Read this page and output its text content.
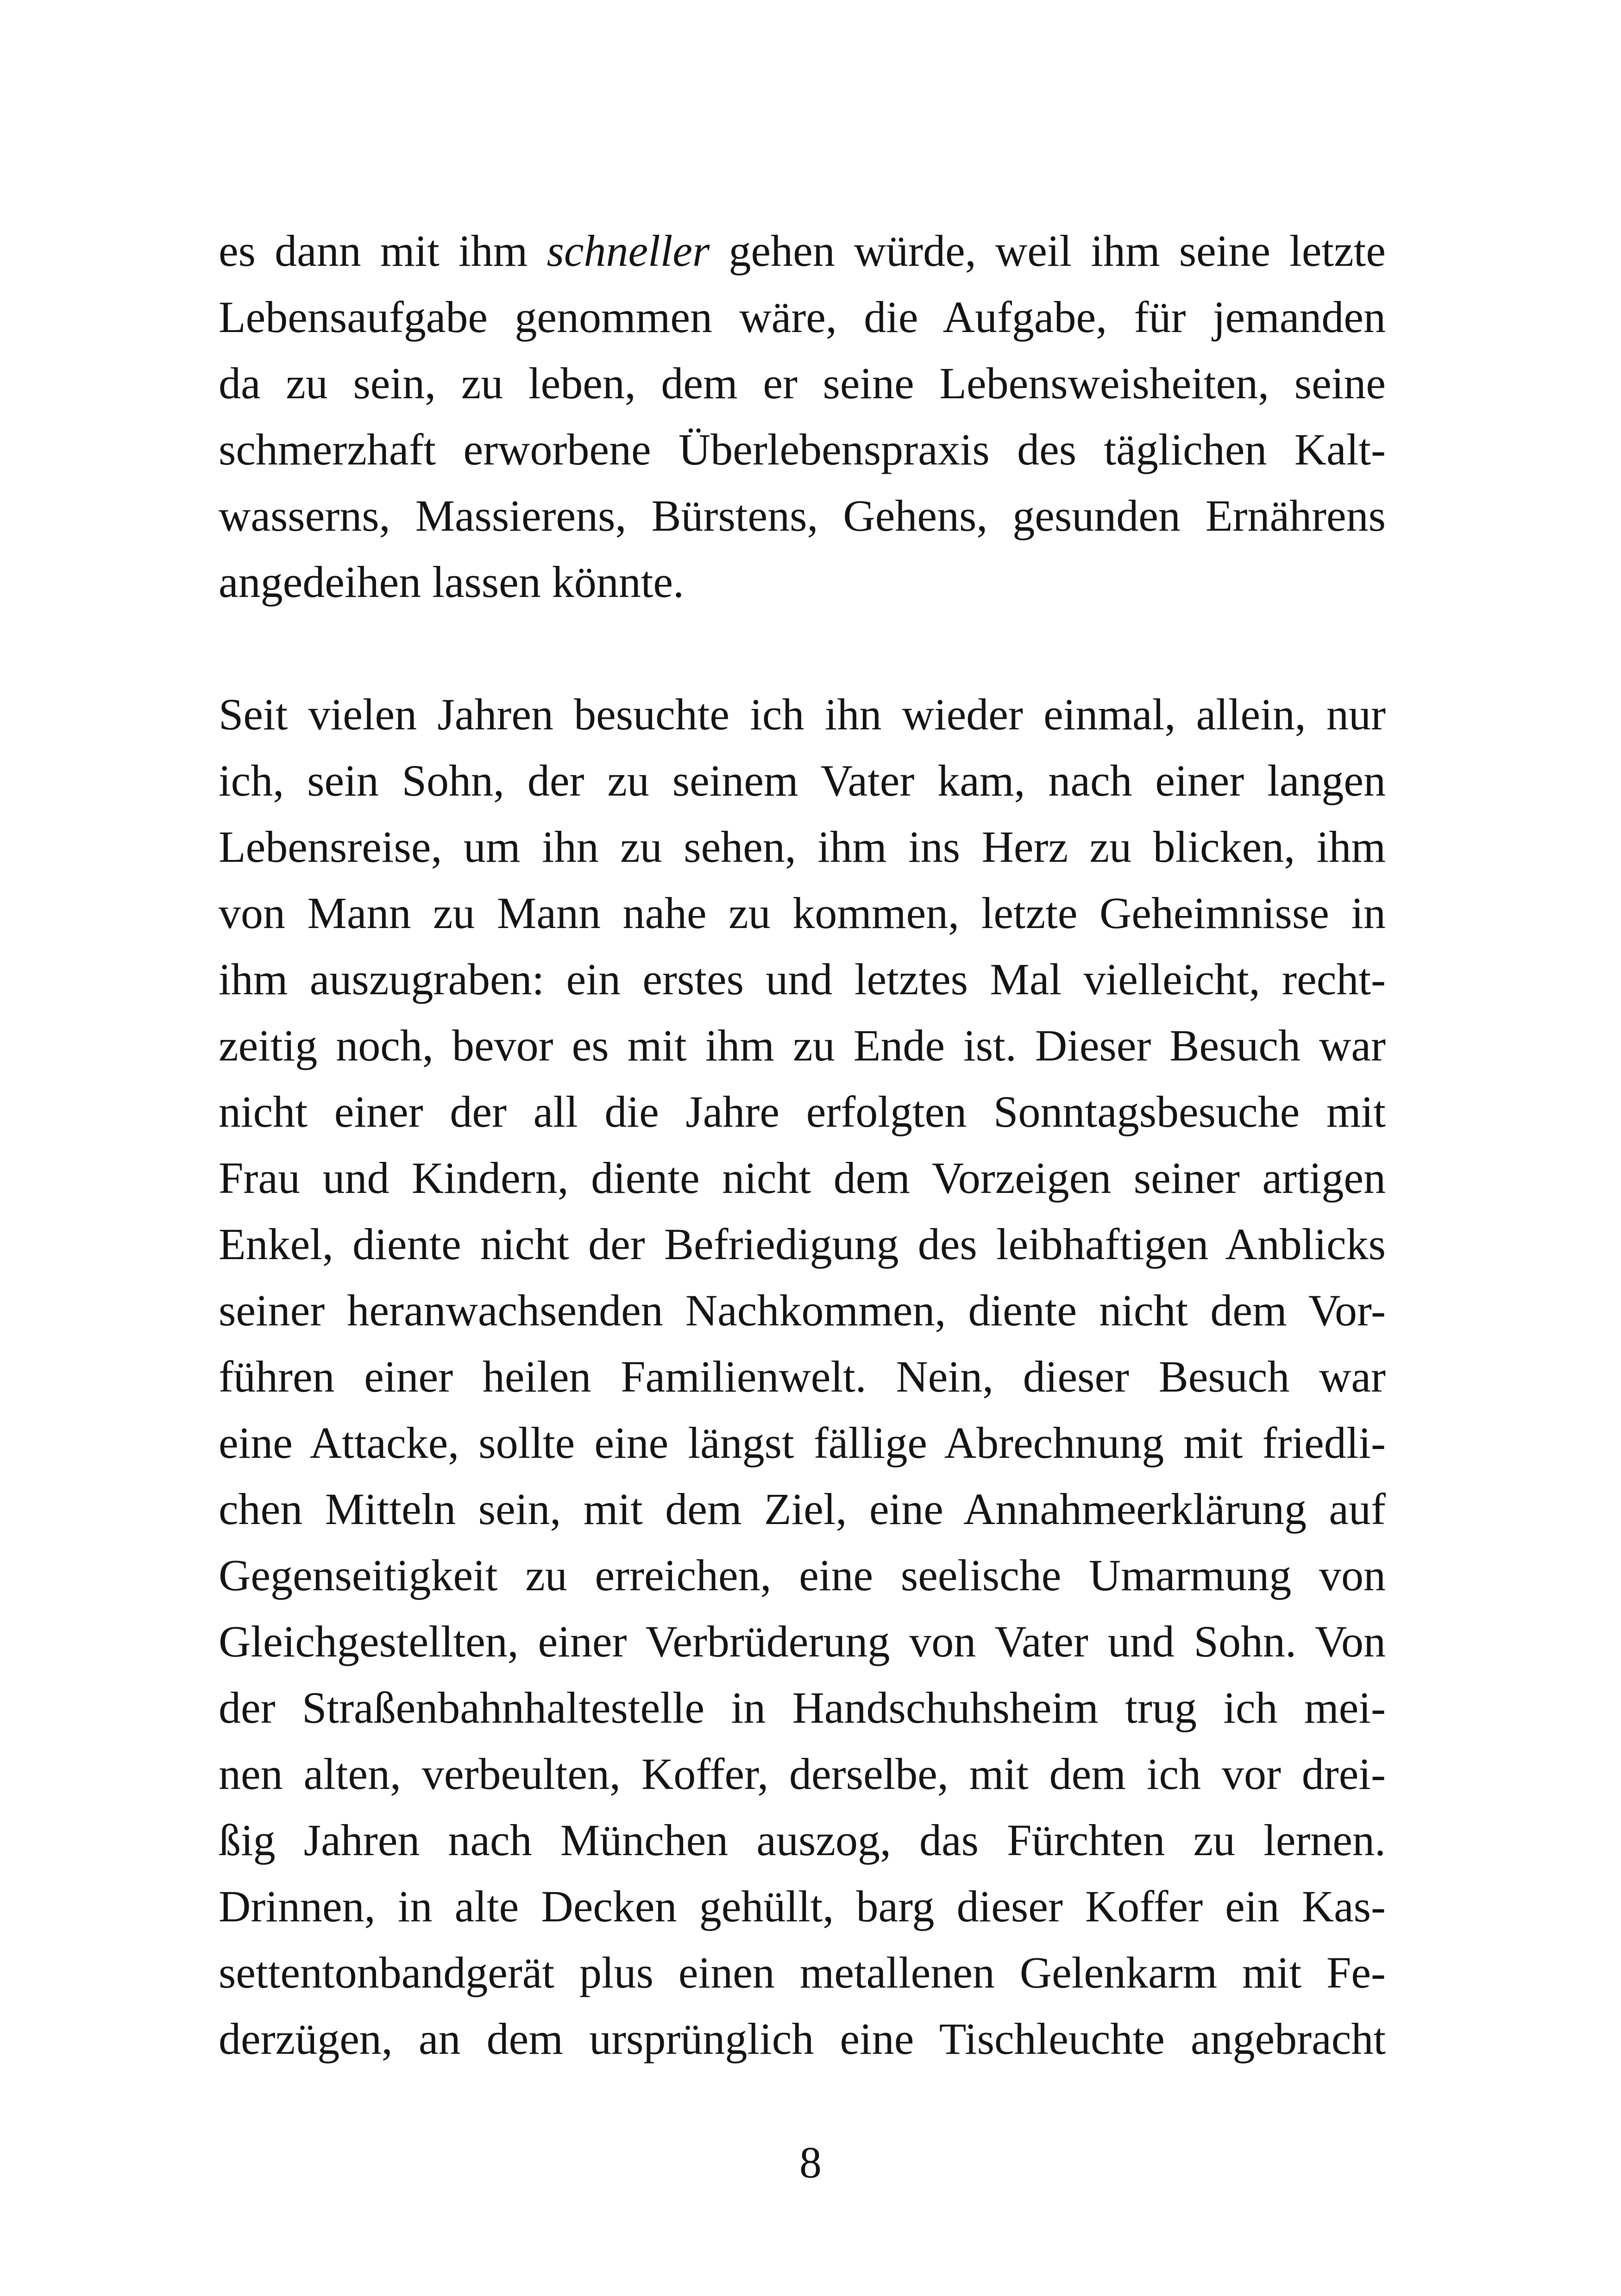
es dann mit ihm schneller gehen würde, weil ihm seine letzte
Lebensaufgabe genommen wäre, die Aufgabe, für jemanden
da zu sein, zu leben, dem er seine Lebensweisheiten, seine
schmerzhaft erworbene Überlebenspraxis des täglichen Kalt-
wasserns, Massierens, Bürstens, Gehens, gesunden Ernährens
angedeihen lassen könnte.

Seit vielen Jahren besuchte ich ihn wieder einmal, allein, nur
ich, sein Sohn, der zu seinem Vater kam, nach einer langen
Lebensreise, um ihn zu sehen, ihm ins Herz zu blicken, ihm
von Mann zu Mann nahe zu kommen, letzte Geheimnisse in
ihm auszugraben: ein erstes und letztes Mal vielleicht, recht-
zeitig noch, bevor es mit ihm zu Ende ist. Dieser Besuch war
nicht einer der all die Jahre erfolgten Sonntagsbesuche mit
Frau und Kindern, diente nicht dem Vorzeigen seiner artigen
Enkel, diente nicht der Befriedigung des leibhaftigen Anblicks
seiner heranwachsenden Nachkommen, diente nicht dem Vor-
führen einer heilen Familienwelt. Nein, dieser Besuch war
eine Attacke, sollte eine längst fällige Abrechnung mit friedli-
chen Mitteln sein, mit dem Ziel, eine Annahmeerklärung auf
Gegenseitigkeit zu erreichen, eine seelische Umarmung von
Gleichgestellten, einer Verbrüderung von Vater und Sohn. Von
der Straßenbahnhaltestelle in Handschuhsheim trug ich mei-
nen alten, verbeulten, Koffer, derselbe, mit dem ich vor drei-
ßig Jahren nach München auszog, das Fürchten zu lernen.
Drinnen, in alte Decken gehüllt, barg dieser Koffer ein Kas-
settentonbandgerät plus einen metallenen Gelenkarm mit Fe-
derzügen, an dem ursprünglich eine Tischleuchte angebracht

8
